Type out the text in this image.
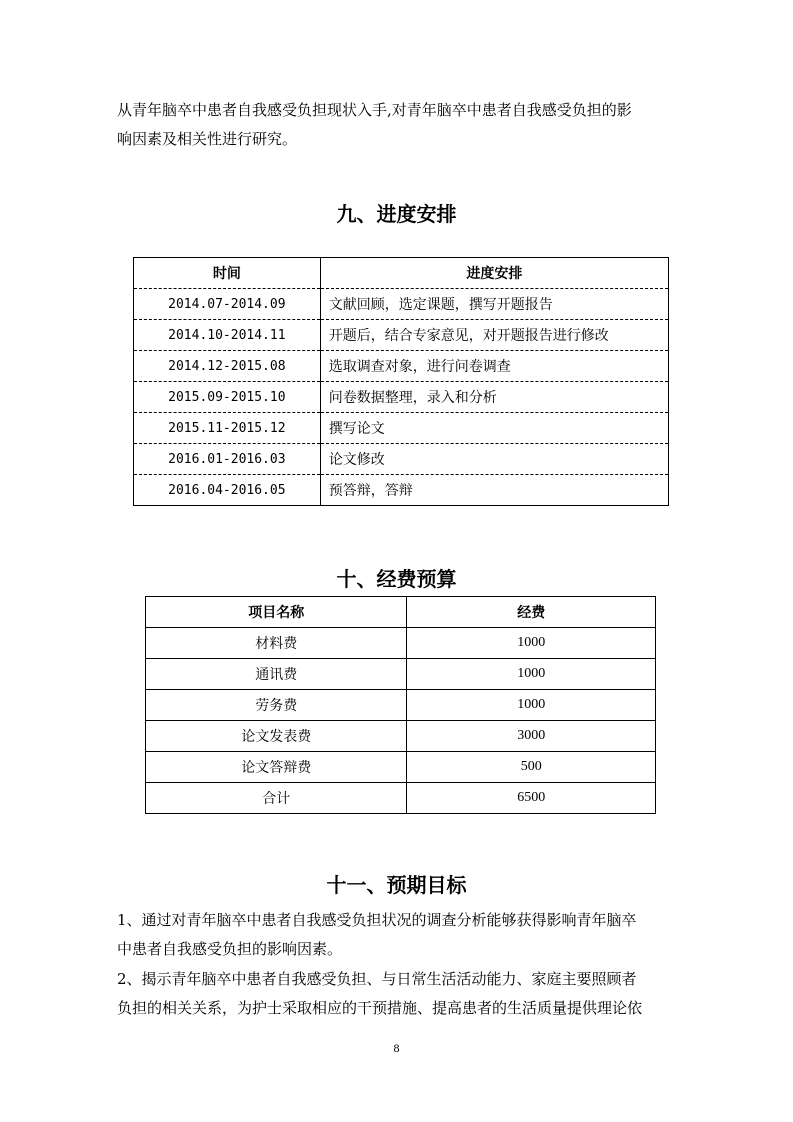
从青年脑卒中患者自我感受负担现状入手,对青年脑卒中患者自我感受负担的影
响因素及相关性进行研究。

九、进度安排
时间	进度安排
2014.07-2014.09	文献回顾，选定课题，撰写开题报告
2014.10-2014.11	开题后，结合专家意见，对开题报告进行修改
2014.12-2015.08	选取调查对象，进行问卷调查
2015.09-2015.10	问卷数据整理，录入和分析
2015.11-2015.12	撰写论文
2016.01-2016.03	论文修改
2016.04-2016.05	预答辩，答辩
十、经费预算
项目名称	经费
材料费	1000
通讯费	1000
劳务费	1000
论文发表费	3000
论文答辩费	500
合计	6500
十一、预期目标

1、通过对青年脑卒中患者自我感受负担状况的调查分析能够获得影响青年脑卒
中患者自我感受负担的影响因素。

2、揭示青年脑卒中患者自我感受负担、与日常生活活动能力、家庭主要照顾者
负担的相关关系，为护士采取相应的干预措施、提高患者的生活质量提供理论依

8
